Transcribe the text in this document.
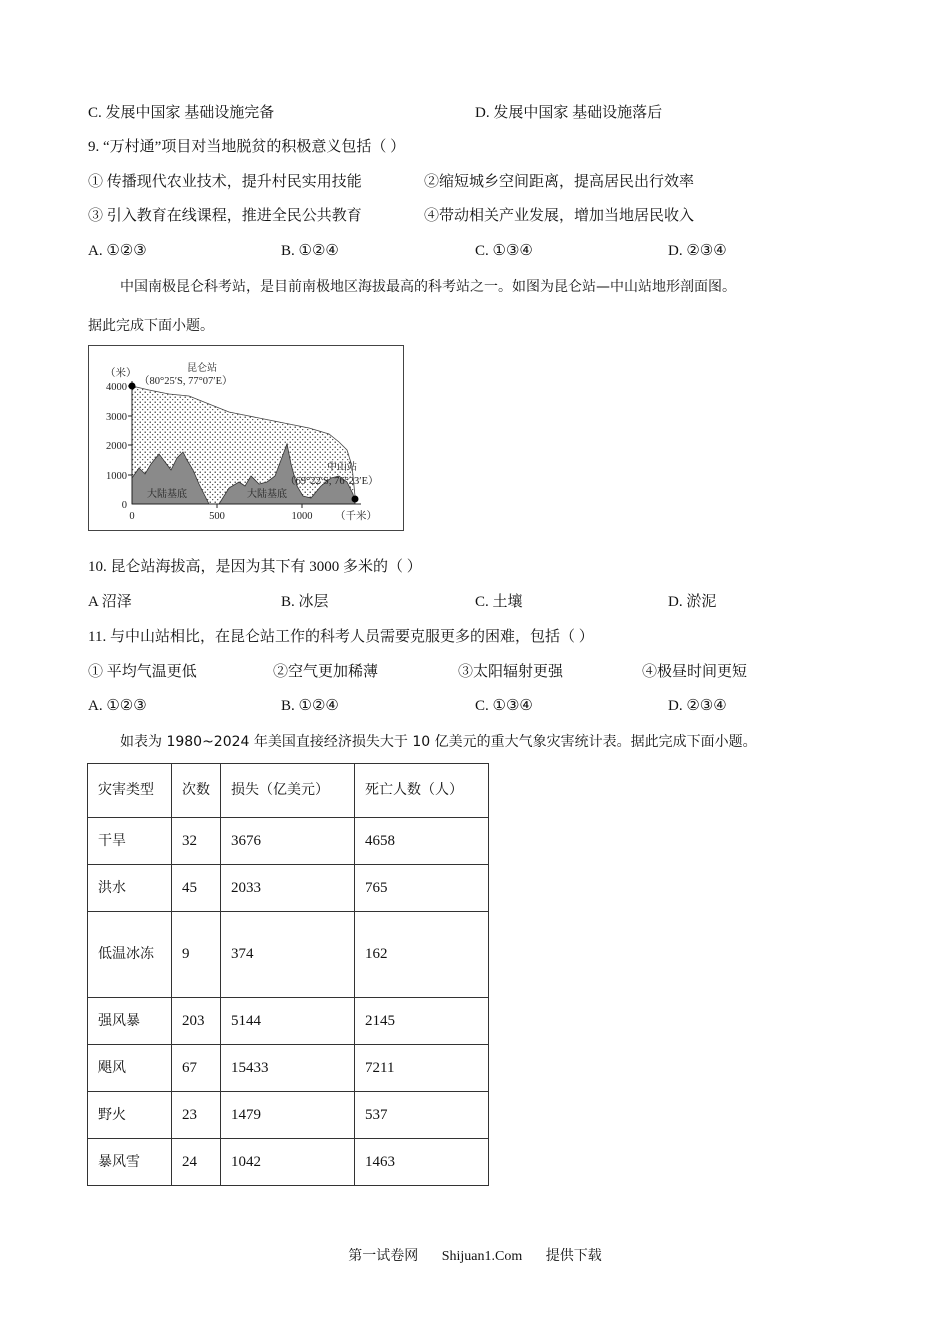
C. 发展中国家 基础设施完备	D. 发展中国家 基础设施落后
9. “万村通”项目对当地脱贫的积极意义包括（ ）
① 传播现代农业技术，提升村民实用技能	②缩短城乡空间距离，提高居民出行效率
③ 引入教育在线课程，推进全民公共教育	④带动相关产业发展，增加当地居民收入
A. ①②③	B. ①②④	C. ①③④	D. ②③④
中国南极昆仑科考站，是目前南极地区海拔最高的科考站之一。如图为昆仑站—中山站地形剖面图。
据此完成下面小题。
（米）
4000
3000
2000
1000
0
0	500	1000 （千米）
昆仑站
（80°25′S, 77°07′E）
中山站
（69°22′S, 76°23′E）
大陆基底	大陆基底
10. 昆仑站海拔高，是因为其下有 3000 多米的（ ）
A 沼泽	B. 冰层	C. 土壤	D. 淤泥
11. 与中山站相比，在昆仑站工作的科考人员需要克服更多的困难，包括（ ）
① 平均气温更低	②空气更加稀薄	③太阳辐射更强	④极昼时间更短
A. ①②③	B. ①②④	C. ①③④	D. ②③④
如表为 1980~2024 年美国直接经济损失大于 10 亿美元的重大气象灾害统计表。据此完成下面小题。
灾害类型	次数	损失（亿美元）	死亡人数（人）
干旱	32	3676	4658
洪水	45	2033	765
低温冰冻	9	374	162
强风暴	203	5144	2145
飓风	67	15433	7211
野火	23	1479	537
暴风雪	24	1042	1463
第一试卷网 Shijuan1.Com 提供下载
